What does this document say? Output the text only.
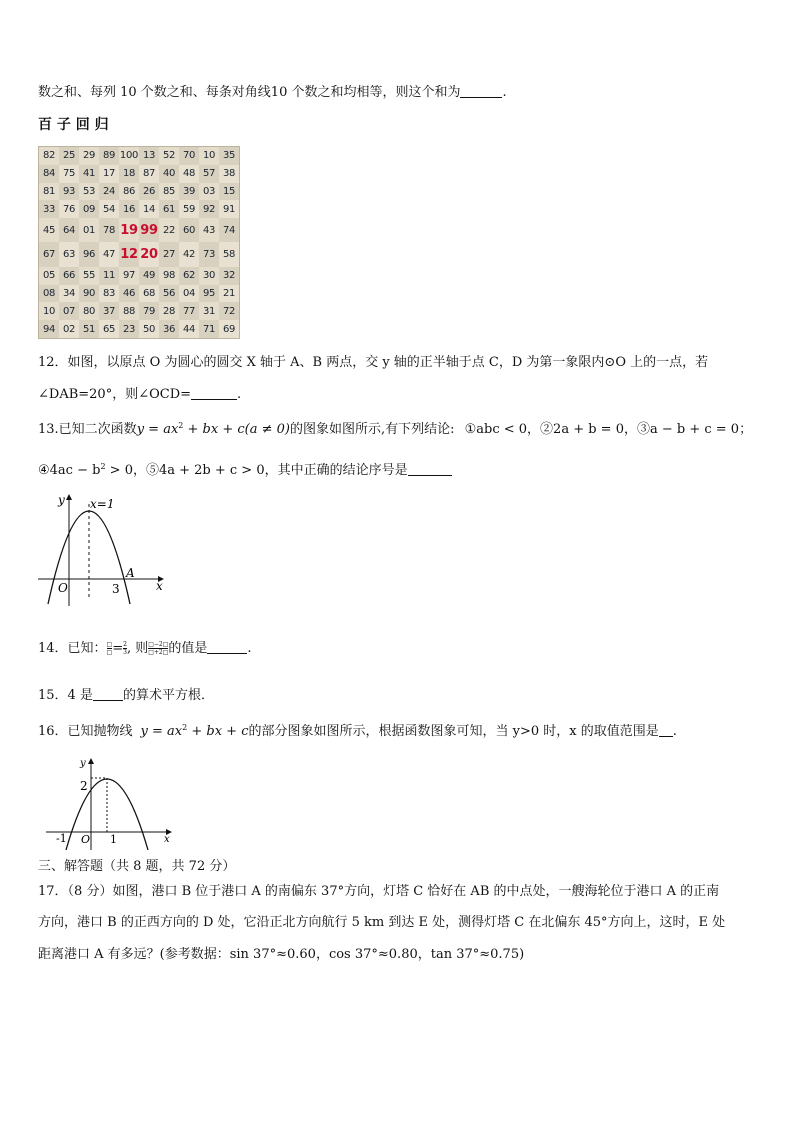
数之和、每列 10 个数之和、每条对角线10 个数之和均相等，则这个和为	.
百 子 回 归
82	25	29	89	100	13	52	70	10	35
84	75	41	17	18	87	40	48	57	38
81	93	53	24	86	26	85	39	03	15
33	76	09	54	16	14	61	59	92	91
45	64	01	78	19	99	22	60	43	74
67	63	96	47	12	20	27	42	73	58
05	66	55	11	97	49	98	62	30	32
08	34	90	83	46	68	56	04	95	21
10	07	80	37	88	79	28	77	31	72
94	02	51	65	23	50	36	44	71	69
12．如图，以原点 O 为圆心的圆交 X 轴于 A、B 两点，交 y 轴的正半轴于点 C，D 为第一象限内⊙O 上的一点，若
∠DAB=20°，则∠OCD=	.
13.已知二次函数$y = ax^2$ + bx + c(a ≠ 0)的图象如图所示,有下列结论: ①abc < 0，②2a + b = 0，③a − b + c = 0；
④4ac − $b^2 > 0$，⑤4a + 2b + c > 0，其中正确的结论序号是
y
x
x=1
O	3
A
14．已知： $\frac{□}{□} = \frac{2}{3}$ , 则 $\frac{□-2□}{□+2□}$ 的值是	.
15．4 是 的算术平方根．
16．已知抛物线 $y = ax^2$ + bx + c的部分图象如图所示，根据函数图象可知，当 y>0 时，x 的取值范围是 .
y
x
2
-1 O 1
三、解答题（共 8 题，共 72 分）
17．（8 分）如图，港口 B 位于港口 A 的南偏东 37°方向，灯塔 C 恰好在 AB 的中点处，一艘海轮位于港口 A 的正南
方向，港口 B 的正西方向的 D 处，它沿正北方向航行 5 km 到达 E 处，测得灯塔 C 在北偏东 45°方向上，这时，E 处
距离港口 A 有多远？(参考数据：sin 37°≈0.60，cos 37°≈0.80，tan 37°≈0.75)
